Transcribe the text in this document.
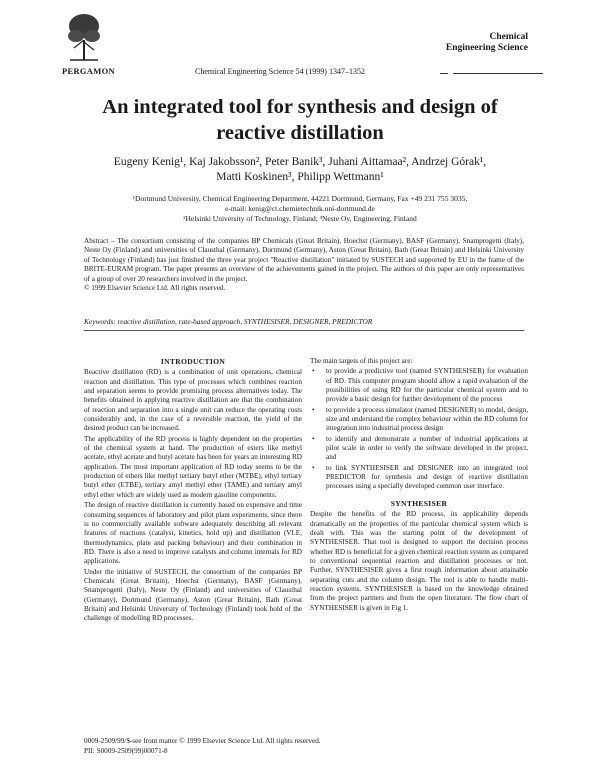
PERGAMON
Chemical
Engineering Science
Chemical Engineering Science 54 (1999) 1347–1352
An integrated tool for synthesis and design of
reactive distillation
Eugeny Kenig¹, Kaj Jakobsson², Peter Banik³, Juhani Aittamaa², Andrzej Górak¹,
Matti Koskinen³, Philipp Wettmann¹
¹Dortmund University, Chemical Engineering Department, 44221 Dortmund, Germany, Fax +49 231 755 3035,
e-mail: kenig@ct.chemietechnik.uni-dortmund.de
²Helsinki University of Technology, Finland; ³Neste Oy, Engineering, Finland
Abstract – The consortium consisting of the companies BP Chemicals (Great Britain), Hoechst (Germany), BASF (Germany), Snamprogetti (Italy), Neste Oy (Finland) and universities of Clausthal (Germany), Dortmund (Germany), Aston (Great Britain), Bath (Great Britain) and Helsinki University of Technology (Finland) has just finished the three year project "Reactive distillation" initiated by SUSTECH and supported by EU in the frame of the BRITE-EURAM program. The paper presents an overview of the achievements gained in the project. The authors of this paper are only representatives of a group of over 20 researchers involved in the project.
© 1999 Elsevier Science Ltd. All rights reserved.
Keywords: reactive distillation, rate-based approach, SYNTHESISER, DESIGNER, PREDICTOR
INTRODUCTION

Reactive distillation (RD) is a combination of unit operations, chemical reaction and distillation. This type of processes which combines reaction and separation seems to provide promising process alternatives today. The benefits obtained in applying reactive distillation are that the combination of reaction and separation into a single unit can reduce the operating costs considerably and, in the case of a reversible reaction, the yield of the desired product can be increased.

The applicability of the RD process is highly dependent on the properties of the chemical system at hand. The production of esters like methyl acetate, ethyl acetate and butyl acetate has been for years an interesting RD application. The most important application of RD today seems to be the production of ethers like methyl tertiary butyl ether (MTBE), ethyl tertiary butyl ether (ETBE), tertiary amyl methyl ether (TAME) and tertiary amyl ethyl ether which are widely used as modern gasoline components.

The design of reactive distillation is currently based on expensive and time consuming sequences of laboratory and pilot plant experiments, since there is no commercially available software adequately describing all relevant features of reactions (catalyst, kinetics, hold up) and distillation (VLE, thermodynamics, plate and packing behaviour) and their combination in RD. There is also a need to improve catalysts and column internals for RD applications.

Under the initiative of SUSTECH, the consortium of the companies BP Chemicals (Great Britain), Hoechst (Germany), BASF (Germany), Snamprogetti (Italy), Neste Oy (Finland) and universities of Clausthal (Germany), Dortmund (Germany), Aston (Great Britain), Bath (Great Britain) and Helsinki University of Technology (Finland) took hold of the challenge of modelling RD processes.

The main targets of this project are:

• to provide a predictive tool (named SYNTHESISER) for evaluation of RD. This computer program should allow a rapid evaluation of the possibilities of using RD for the particular chemical system and to provide a basic design for further development of the process
• to provide a process simulator (named DESIGNER) to model, design, size and understand the complex behaviour within the RD column for integration into industrial process design
• to identify and demonstrate a number of industrial applications at pilot scale in order to verify the software developed in the project, and
• to link SYNTHESISER and DESIGNER into an integrated tool PREDICTOR for synthesis and design of reactive distillation processes using a specially developed common user interface.
SYNTHESISER

Despite the benefits of the RD process, its applicability depends dramatically on the properties of the particular chemical system which is dealt with. This was the starting point of the development of SYNTHESISER. That tool is designed to support the decision process whether RD is beneficial for a given chemical reaction system as compared to conventional sequential reaction and distillation processes or not. Further, SYNTHESISER gives a first rough information about attainable separating cuts and the column design. The tool is able to handle multi-reaction systems. SYNTHESISER is based on the knowledge obtained from the project partners and from the open literature. The flow chart of SYNTHESISER is given in Fig 1.

0009-2509/99/$-see front matter © 1999 Elsevier Science Ltd. All rights reserved.
PII: S0009-2509(99)00071-8
